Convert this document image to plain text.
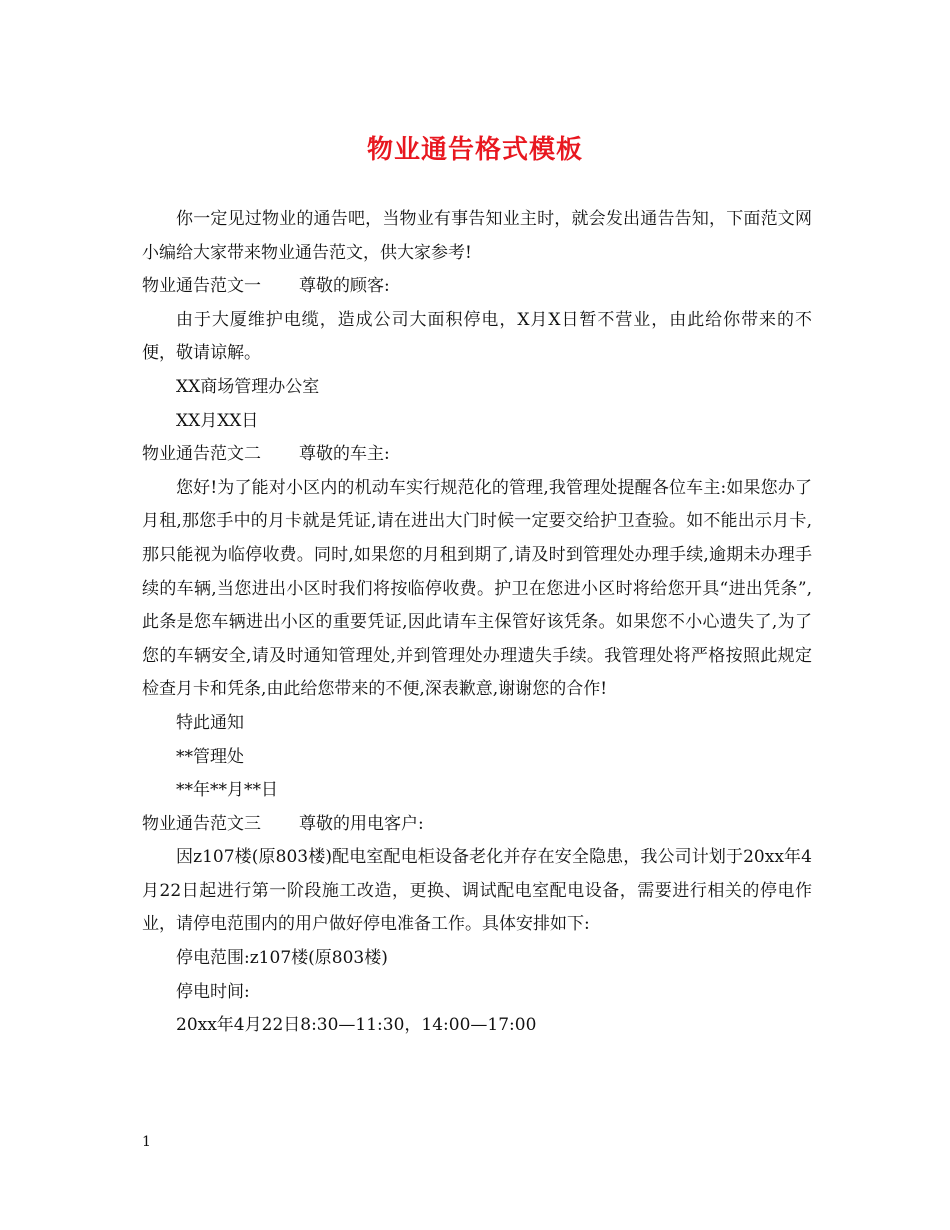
物业通告格式模板

你一定见过物业的通告吧，当物业有事告知业主时，就会发出通告告知，下面范文网小编给大家带来物业通告范文，供大家参考!

物业通告范文一 尊敬的顾客:

由于大厦维护电缆，造成公司大面积停电，X月X日暂不营业，由此给你带来的不便，敬请谅解。

XX商场管理办公室

XX月XX日

物业通告范文二 尊敬的车主:

您好!为了能对小区内的机动车实行规范化的管理,我管理处提醒各位车主:如果您办了月租,那您手中的月卡就是凭证,请在进出大门时候一定要交给护卫查验。如不能出示月卡,那只能视为临停收费。同时,如果您的月租到期了,请及时到管理处办理手续,逾期未办理手续的车辆,当您进出小区时我们将按临停收费。护卫在您进小区时将给您开具“进出凭条”,此条是您车辆进出小区的重要凭证,因此请车主保管好该凭条。如果您不小心遗失了,为了您的车辆安全,请及时通知管理处,并到管理处办理遗失手续。我管理处将严格按照此规定检查月卡和凭条,由此给您带来的不便,深表歉意,谢谢您的合作!

特此通知

**管理处

**年**月**日

物业通告范文三 尊敬的用电客户:

因z107楼(原803楼)配电室配电柜设备老化并存在安全隐患，我公司计划于20xx年4月22日起进行第一阶段施工改造，更换、调试配电室配电设备，需要进行相关的停电作业，请停电范围内的用户做好停电准备工作。具体安排如下:

停电范围:z107楼(原803楼)

停电时间:

20xx年4月22日8:30—11:30，14:00—17:00

1
